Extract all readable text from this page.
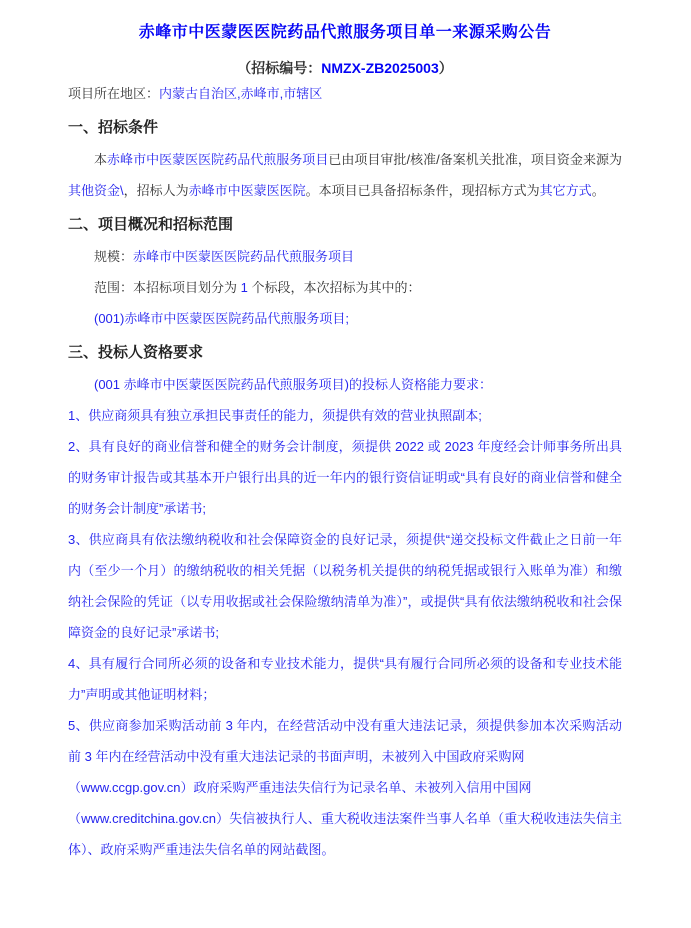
赤峰市中医蒙医医院药品代煎服务项目单一来源采购公告
（招标编号：NMZX-ZB2025003）

项目所在地区：内蒙古自治区,赤峰市,市辖区

一、招标条件

本赤峰市中医蒙医医院药品代煎服务项目已由项目审批/核准/备案机关批准，项目资金来源为其他资金\，招标人为赤峰市中医蒙医医院。本项目已具备招标条件，现招标方式为其它方式。

二、项目概况和招标范围

规模：赤峰市中医蒙医医院药品代煎服务项目

范围：本招标项目划分为 1 个标段，本次招标为其中的：

(001)赤峰市中医蒙医医院药品代煎服务项目;

三、投标人资格要求

(001 赤峰市中医蒙医医院药品代煎服务项目)的投标人资格能力要求：

1、供应商须具有独立承担民事责任的能力，须提供有效的营业执照副本;

2、具有良好的商业信誉和健全的财务会计制度，须提供 2022 或 2023 年度经会计师事务所出具的财务审计报告或其基本开户银行出具的近一年内的银行资信证明或“具有良好的商业信誉和健全的财务会计制度”承诺书;

3、供应商具有依法缴纳税收和社会保障资金的良好记录，须提供“递交投标文件截止之日前一年内（至少一个月）的缴纳税收的相关凭据（以税务机关提供的纳税凭据或银行入账单为准）和缴纳社会保险的凭证（以专用收据或社会保险缴纳清单为准）”，或提供“具有依法缴纳税收和社会保障资金的良好记录”承诺书;

4、具有履行合同所必须的设备和专业技术能力，提供“具有履行合同所必须的设备和专业技术能力”声明或其他证明材料；

5、供应商参加采购活动前 3 年内，在经营活动中没有重大违法记录，须提供参加本次采购活动前 3 年内在经营活动中没有重大违法记录的书面声明，未被列入中国政府采购网
（www.ccgp.gov.cn）政府采购严重违法失信行为记录名单、未被列入信用中国网
（www.creditchina.gov.cn）失信被执行人、重大税收违法案件当事人名单（重大税收违法失信主体）、政府采购严重违法失信名单的网站截图。
